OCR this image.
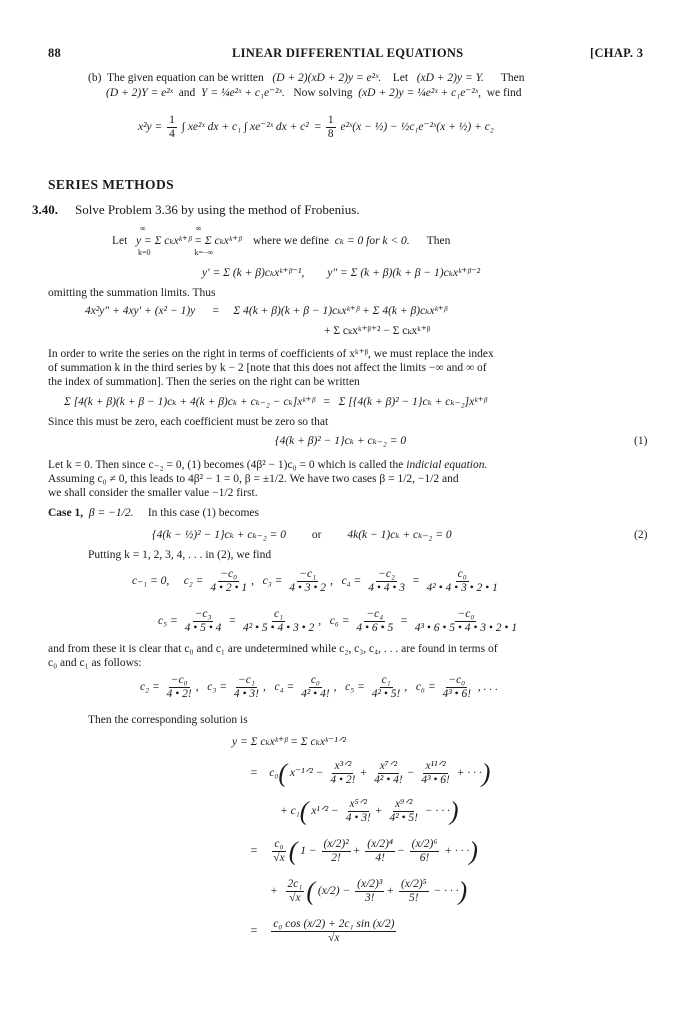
88	LINEAR DIFFERENTIAL EQUATIONS	[CHAP. 3
(b) The given equation can be written (D + 2)(xD + 2)y = e²ˣ. Let (xD + 2)y = Y. Then
(D + 2)Y = e²ˣ and Y = ¼e²ˣ + c₁e⁻²ˣ. Now solving (xD + 2)y = ¼e²ˣ + c₁e⁻²ˣ, we find
$x^2y = \frac{1}{4}$ ∫ xe²ˣ dx + c₁ ∫ xe⁻²ˣ dx + $c^2 = \frac{1}{8}$ e²ˣ(x − ½) − ½c₁e⁻²ˣ(x + ½) + c₂
SERIES METHODS
3.40. Solve Problem 3.36 by using the method of Frobenius.
Let y = Σ cₖxᵏ⁺ᵝ = Σ cₖxᵏ⁺ᵝ where we define cₖ = 0 for k < 0. Then
∞                         ∞
k=0                      k=−∞
y′ = Σ (k + β)cₖxᵏ⁺ᵝ⁻¹, y″ = Σ (k + β)(k + β − 1)cₖxᵏ⁺ᵝ⁻²
omitting the summation limits. Thus
4x²y″ + 4xy′ + (x² − 1)y = Σ 4(k + β)(k + β − 1)cₖxᵏ⁺ᵝ + Σ 4(k + β)cₖxᵏ⁺ᵝ
+ Σ cₖxᵏ⁺ᵝ⁺² − Σ cₖxᵏ⁺ᵝ
In order to write the series on the right in terms of coefficients of xᵏ⁺ᵝ, we must replace the index
of summation k in the third series by k − 2 [note that this does not affect the limits −∞ and ∞ of
the index of summation]. Then the series on the right can be written
Σ [4(k + β)(k + β − 1)cₖ + 4(k + β)cₖ + cₖ₋₂ − cₖ]xᵏ⁺ᵝ = Σ [{4(k + β)² − 1}cₖ + cₖ₋₂]xᵏ⁺ᵝ
Since this must be zero, each coefficient must be zero so that
{4(k + β)² − 1}cₖ + cₖ₋₂ = 0	(1)
Let k = 0. Then since c₋₂ = 0, (1) becomes (4β² − 1)c₀ = 0 which is called the indicial equation.
Assuming c₀ ≠ 0, this leads to 4β² − 1 = 0, β = ±1/2. We have two cases β = 1/2, −1/2 and
we shall consider the smaller value −1/2 first.
Case 1, β = −1/2. In this case (1) becomes
{4(k − ½)² − 1}cₖ + cₖ₋₂ = 0 or 4k(k − 1)cₖ + cₖ₋₂ = 0	(2)
Putting k = 1, 2, 3, 4, . . . in (2), we find
c₋₁ = 0, $c_2 = \frac{\text{−c₀}}{4 • 2 • 1}$ ,   $c_3 = \frac{\text{−c₁}}{4 • 3 • 2}$ ,   $c_4 = \frac{\text{−c₂}}{4 • 4 • 3} = \frac{\text{c₀}}{\text{4² • 4 • 3 • 2 • 1}}$
$c_5 = \frac{\text{−c₃}}{4 • 5 • 4} = \frac{\text{c₁}}{\text{4² • 5 • 4 • 3 • 2}}$ ,   $c_6 = \frac{\text{−c₄}}{4 • 6 • 5} = \frac{\text{−c₀}}{\text{4³ • 6 • 5 • 4 • 3 • 2 • 1}}$
and from these it is clear that c₀ and c₁ are undetermined while c₂, c₃, c₄, . . . are found in terms of
c₀ and c₁ as follows:
$c_2 = \frac{\text{−c₀}}{4 • 2!}$ ,   $c_3 = \frac{\text{−c₁}}{4 • 3!}$ ,   $c_4 = \frac{\text{c₀}}{\text{4² • 4!}}$ ,   $c_5 = \frac{\text{c₁}}{\text{4² • 5!}}$ ,   $c_6 = \frac{\text{−c₀}}{\text{4³ • 6!}}$ , . . .
Then the corresponding solution is
y = Σ cₖxᵏ⁺ᵝ = Σ cₖxᵏ⁻¹ᐟ²
= c₀( x⁻¹ᐟ² − $\frac{\text{x³ᐟ²}}{4 • 2!} + \frac{\text{x⁷ᐟ²}}{\text{4² • 4!}} - \frac{\text{x¹¹ᐟ²}}{\text{4³ • 6!}}$ + · · ·)
+ c₁( x¹ᐟ² − $\frac{\text{x⁵ᐟ²}}{4 • 3!} + \frac{\text{x⁹ᐟ²}}{\text{4² • 5!}}$ − · · ·)
= $\frac{\text{c₀}}{√x}$ ( $1 - \frac{\text{(x/2)²}}{2!} + \frac{\text{(x/2)⁴}}{4!} - \frac{\text{(x/2)⁶}}{6!}$ + · · ·)
+ $\frac{\text{2c₁}}{√x}$ ( $(x/2) - \frac{\text{(x/2)³}}{3!} + \frac{\text{(x/2)⁵}}{5!}$ − · · ·)
= $\frac{\text{c₀ cos (x/2) + 2c₁ sin (x/2)}}{√x}$
